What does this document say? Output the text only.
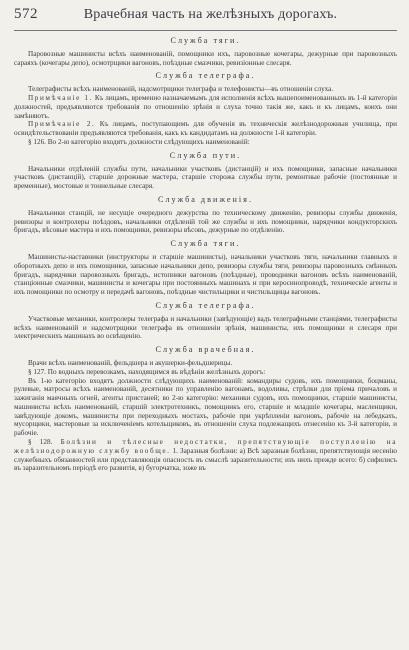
572	Врачебная часть на желѣзныхъ дорогахъ.
Служба тяги.

Паровозные машинисты всѣхъ наименованій, помощники ихъ, паровозные кочегары, дежурные при паровозныхъ сараяхъ (кочегары депо), осмотрщики вагоновъ, поѣздные смазчики, ревизіонные слесаря.

Служба телеграфа.

Телеграфисты всѣхъ наименованій, надсмотрщики телеграфа и телефонисты—въ отношеніи слуха.

Примѣчаніе 1. Къ лицамъ, временно назначаемымъ для исполненія всѣхъ вышепоименованныхъ въ 1-й категоріи должностей, предъявляются требованія по отношенію зрѣнія и слуха точно такія же, какъ и къ лицамъ, коихъ они замѣняютъ.

Примѣчаніе 2. Къ лицамъ, поступающимъ для обученія въ техническія желѣзнодорожныя училища, при освидѣтельствованіи предъявляются требованія, какъ къ кандидатамъ на должности 1-й категоріи.

§ 126. Во 2-ю категорію входятъ должности слѣдующихъ наименованій:

Служба пути.

Начальники отдѣленій службы пути, начальники участковъ (дистанцій) и ихъ помощники, запасные начальники участковъ (дистанцій), старшіе дорожные мастера, старшіе сторожа службы пути, ремонтные рабочіе (постоянные и временные), мостовые и тоннельные слесаря.

Служба движенія.

Начальники станцій, не несущіе очередного дежурства по техническому движенію, ревизоры службы движенія, ревизоры и контролеры поѣздовъ, начальники отдѣленій той же службы и ихъ помощники, нарядчики кондукторскихъ бригадъ, вѣсовые мастера и ихъ помощники, ревизоры вѣсовъ, дежурные по отдѣленію.

Служба тяги.

Машинисты-наставники (инструкторы и старшіе машинисты), начальники участковъ тяги, начальники главныхъ и оборотныхъ депо и ихъ помощники, запасные начальники депо, ревизоры службы тяги, ревизоры паровозныхъ смѣнныхъ бригадъ, нарядчики паровозныхъ бригадъ, истопники вагоновъ (поѣздные), проводники вагоновъ всѣхъ наименованій, станціонные смазчики, машинисты и кочегары при постоянныхъ машинахъ и при керосинопроводѣ, техническіе агенты и ихъ помощники по осмотру и передачѣ вагоновъ, поѣздные чистильщики и чистильщицы вагоновъ.

Служба телеграфа.

Участковые механики, контролеры телеграфа и начальники (завѣдующіе) вадъ телеграфными станціями, телеграфисты всѣхъ наименованій и надсмотрщики телеграфа въ отношеніи зрѣнія, машинисты, ихъ помощники и слесаря при электрическихъ машинахъ во освѣщенію.

Служба врачебная.

Врачи всѣхъ наименованій, фельдшера и акушерки-фельдшерицы.

§ 127. По водныхъ перевозкамъ, находящимся въ вѣдѣніи желѣзныхъ дорогъ:

Въ 1-ю категорію входятъ должности слѣдующихъ наименованій: командиры судовъ, ихъ помощники, боцманы, рулевые, матросы всѣхъ наименованій, десятники по управленію вагонамъ, водоливы, стрѣлки для пріема причаловъ и зажиганія маячныхъ огней, агенты пристаней; во 2-ю категорію: механики судовъ, ихъ помощники, старшіе машинисты, машинисты всѣхъ наименованій, старшій электротехникъ, помощникъ его, старшіе и младшіе кочегары, масленщики, завѣдующіе докомъ, машинисты при переходныхъ мостахъ, рабочіе при укрѣпленіи вагоновъ, рабочіе на лебедкахъ, мусорщики, мастеровые за исключеніемъ котельщиковъ, въ отношеніи слуха подлежащихъ отнесенію къ 3-й категоріи, и рабочіе.

§ 128. Болѣзни и тѣлесные недостатки, препятствующіе поступленію на желѣзнодорожную службу вообще. 1. Заразныя болѣзни: а) Всѣ заразныя болѣзни, препятствующія несенію служебныхъ обязанностей или представляющія опасность въ смыслѣ заразительности; изъ нихъ прежде всего: б) сифилисъ въ заразительномъ періодѣ его развитія, в) бугорчатка, зоже въ
